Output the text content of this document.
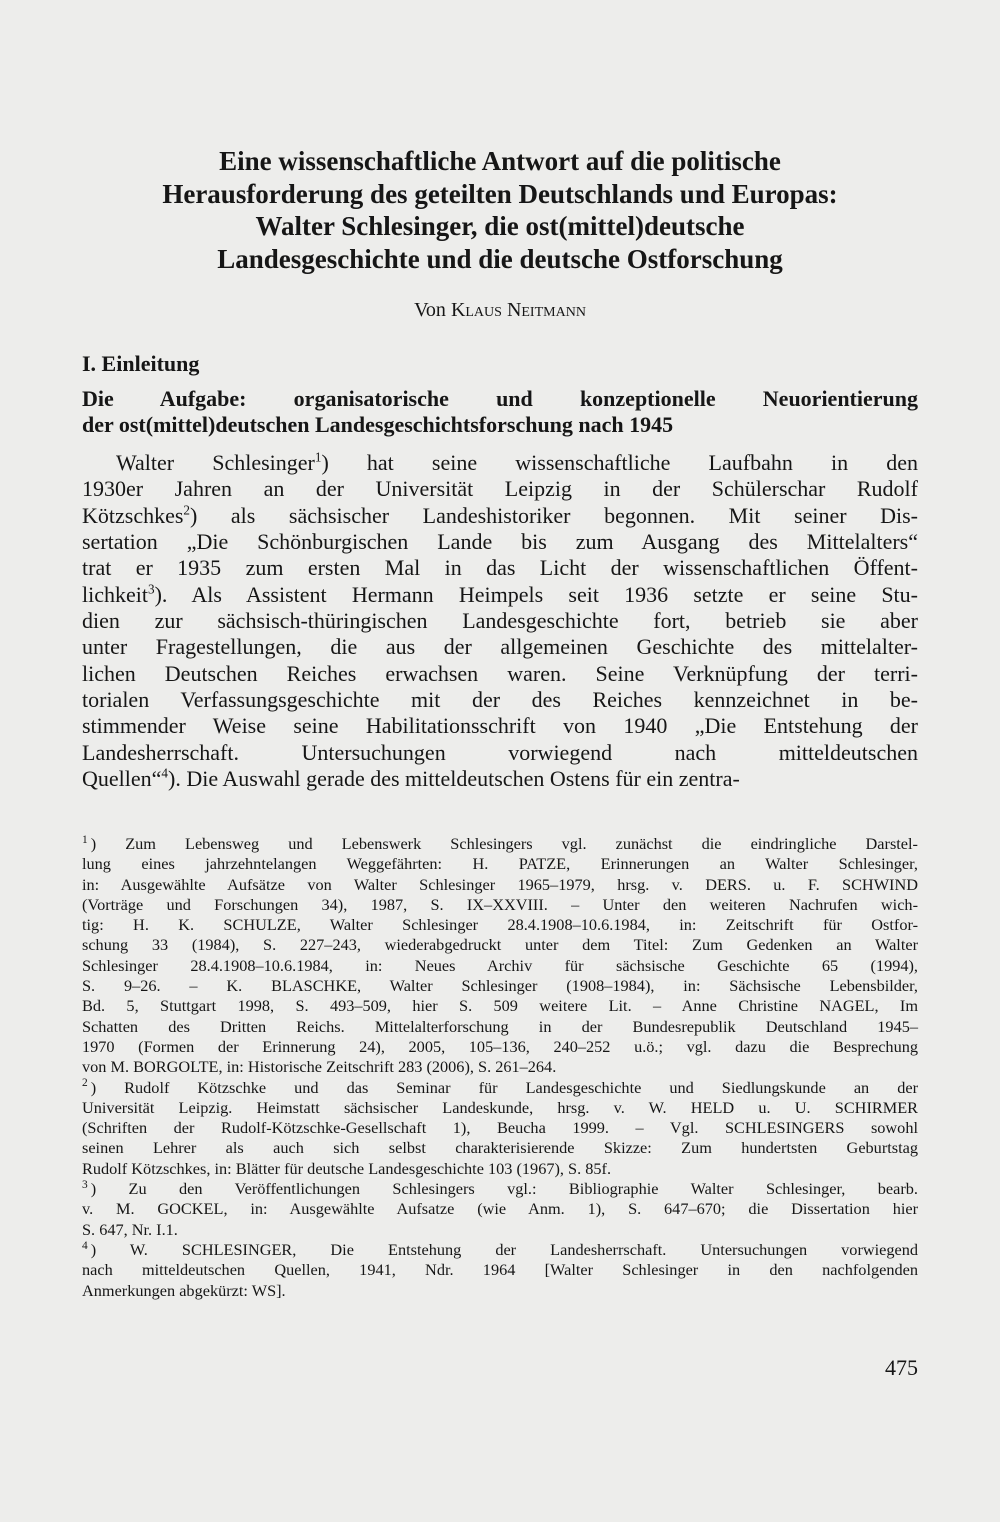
Eine wissenschaftliche Antwort auf die politische
Herausforderung des geteilten Deutschlands und Europas:
Walter Schlesinger, die ost(mittel)deutsche
Landesgeschichte und die deutsche Ostforschung
Von Klaus Neitmann
I. Einleitung
Die Aufgabe: organisatorische und konzeptionelle Neuorientierung
der ost(mittel)deutschen Landesgeschichtsforschung nach 1945
Walter Schlesinger$^1$) hat seine wissenschaftliche Laufbahn in den
1930er Jahren an der Universität Leipzig in der Schülerschar Rudolf
Kötzschkes$^2$) als sächsischer Landeshistoriker begonnen. Mit seiner Dis-
sertation „Die Schönburgischen Lande bis zum Ausgang des Mittelalters“
trat er 1935 zum ersten Mal in das Licht der wissenschaftlichen Öffent-
lichkeit$^3$). Als Assistent Hermann Heimpels seit 1936 setzte er seine Stu-
dien zur sächsisch-thüringischen Landesgeschichte fort, betrieb sie aber
unter Fragestellungen, die aus der allgemeinen Geschichte des mittelalter-
lichen Deutschen Reiches erwachsen waren. Seine Verknüpfung der terri-
torialen Verfassungsgeschichte mit der des Reiches kennzeichnet in be-
stimmender Weise seine Habilitationsschrift von 1940 „Die Entstehung der
Landesherrschaft. Untersuchungen vorwiegend nach mitteldeutschen
Quellen“$^4$). Die Auswahl gerade des mitteldeutschen Ostens für ein zentra-
$^1$ ) Zum Lebensweg und Lebenswerk Schlesingers vgl. zunächst die eindringliche Darstel-
lung eines jahrzehntelangen Weggefährten: H. PATZE, Erinnerungen an Walter Schlesinger,
in: Ausgewählte Aufsätze von Walter Schlesinger 1965–1979, hrsg. v. DERS. u. F. SCHWIND
(Vorträge und Forschungen 34), 1987, S. IX–XXVIII. – Unter den weiteren Nachrufen wich-
tig: H. K. SCHULZE, Walter Schlesinger 28.4.1908–10.6.1984, in: Zeitschrift für Ostfor-
schung 33 (1984), S. 227–243, wiederabgedruckt unter dem Titel: Zum Gedenken an Walter
Schlesinger 28.4.1908–10.6.1984, in: Neues Archiv für sächsische Geschichte 65 (1994),
S. 9–26. – K. BLASCHKE, Walter Schlesinger (1908–1984), in: Sächsische Lebensbilder,
Bd. 5, Stuttgart 1998, S. 493–509, hier S. 509 weitere Lit. – Anne Christine NAGEL, Im
Schatten des Dritten Reichs. Mittelalterforschung in der Bundesrepublik Deutschland 1945–
1970 (Formen der Erinnerung 24), 2005, 105–136, 240–252 u.ö.; vgl. dazu die Besprechung
von M. BORGOLTE, in: Historische Zeitschrift 283 (2006), S. 261–264.
$^2$ ) Rudolf Kötzschke und das Seminar für Landesgeschichte und Siedlungskunde an der
Universität Leipzig. Heimstatt sächsischer Landeskunde, hrsg. v. W. HELD u. U. SCHIRMER
(Schriften der Rudolf-Kötzschke-Gesellschaft 1), Beucha 1999. – Vgl. SCHLESINGERS sowohl
seinen Lehrer als auch sich selbst charakterisierende Skizze: Zum hundertsten Geburtstag
Rudolf Kötzschkes, in: Blätter für deutsche Landesgeschichte 103 (1967), S. 85f.
$^3$ ) Zu den Veröffentlichungen Schlesingers vgl.: Bibliographie Walter Schlesinger, bearb.
v. M. GOCKEL, in: Ausgewählte Aufsatze (wie Anm. 1), S. 647–670; die Dissertation hier
S. 647, Nr. I.1.
$^4$ ) W. SCHLESINGER, Die Entstehung der Landesherrschaft. Untersuchungen vorwiegend
nach mitteldeutschen Quellen, 1941, Ndr. 1964 [Walter Schlesinger in den nachfolgenden
Anmerkungen abgekürzt: WS].
475
